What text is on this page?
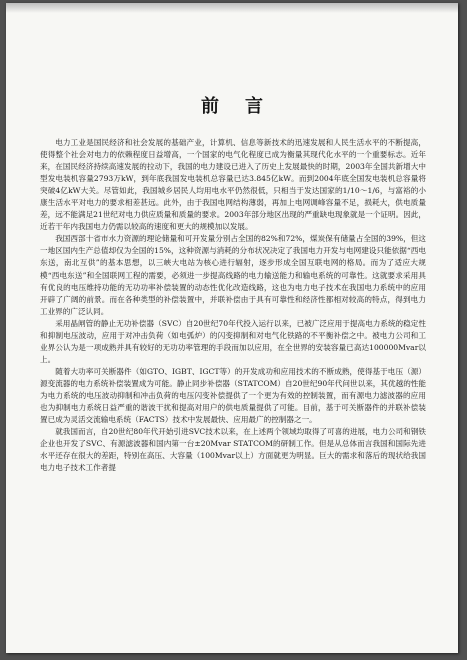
前言

电力工业是国民经济和社会发展的基础产业，计算机、信息等新技术的迅速发展和人民生活水平的不断提高，使得整个社会对电力的依赖程度日益增高，一个国家的电气化程度已成为衡量其现代化水平的一个重要标志。近年来，在国民经济持续高速发展的拉动下，我国的电力建设已进入了历史上发展最快的时期，2003年全国共新增大中型发电装机容量2793万kW，到年底我国发电装机总容量已达3.845亿kW。而到2004年底全国发电装机总容量将突破4亿kW大关。尽管如此，我国城乡居民人均用电水平仍然很低，只相当于发达国家的1/10～1/6，与富裕的小康生活水平对电力的要求相差甚远。此外，由于我国电网结构薄弱，再加上电网调峰容量不足，损耗大，供电质量差，远不能满足21世纪对电力供应质量和质量的要求。2003年部分地区出现的严重缺电现象就是一个证明。因此，近若干年内我国电力仍需以较高的速度和更大的规模加以发展。

我国西部十省市水力资源的理论储量和可开发量分别占全国的82%和72%，煤炭保有储量占全国的39%，但这一地区国内生产总值却仅为全国的15%，这种资源与消耗的分布状况决定了我国电力开发与电网建设只能依据“西电东送，南北互供”的基本思想，以三峡大电站为核心进行辐射，逐步形成全国互联电网的格局。而为了适应大规模“西电东送”和全国联网工程的需要，必须进一步提高线路的电力输送能力和输电系统的可靠性。这就要求采用具有优良的电压维持功能的无功功率补偿装置的动态性优化改造线路，这也为电力电子技术在我国电力系统中的应用开辟了广阔的前景。而在各种类型的补偿装置中，并联补偿由于具有可靠性和经济性都相对较高的特点，得到电力工业界的广泛认同。

采用晶闸管的静止无功补偿器（SVC）自20世纪70年代投入运行以来，已被广泛应用于提高电力系统的稳定性和抑制电压波动，应用于对冲击负荷（如电弧炉）的闪变抑制和对电气化铁路的不平衡补偿之中。被电力公司和工业界公认为是一项成熟并具有较好的无功功率管理的手段而加以应用，在全世界的安装容量已高达100000Mvar以上。

随着大功率可关断器件（如GTO、IGBT、IGCT等）的开发成功和应用技术的不断成熟，使得基于电压（源）源变流器的电力系统补偿装置成为可能。静止同步补偿器（STATCOM）自20世纪90年代问世以来，其优越的性能为电力系统的电压波动抑制和冲击负荷的电压闪变补偿提供了一个更为有效的控制装置，而有源电力滤波器的应用也为抑制电力系统日益严重的谐波干扰和提高对用户的供电质量提供了可能。目前，基于可关断器件的并联补偿装置已成为灵活交流输电系统（FACTS）技术中发展最快、应用最广的控制器之一。

就我国而言，自20世纪80年代开始引进SVC技术以来，在上述两个领域均取得了可喜的进展，电力公司和钢铁企业也开发了SVC、有源滤波器和国内第一台±20Mvar STATCOM的研制工作。但是从总体而言我国和国际先进水平还存在很大的差距，特别在高压、大容量（100Mvar以上）方面就更为明显。巨大的需求和落后的现状给我国电力电子技术工作者提
